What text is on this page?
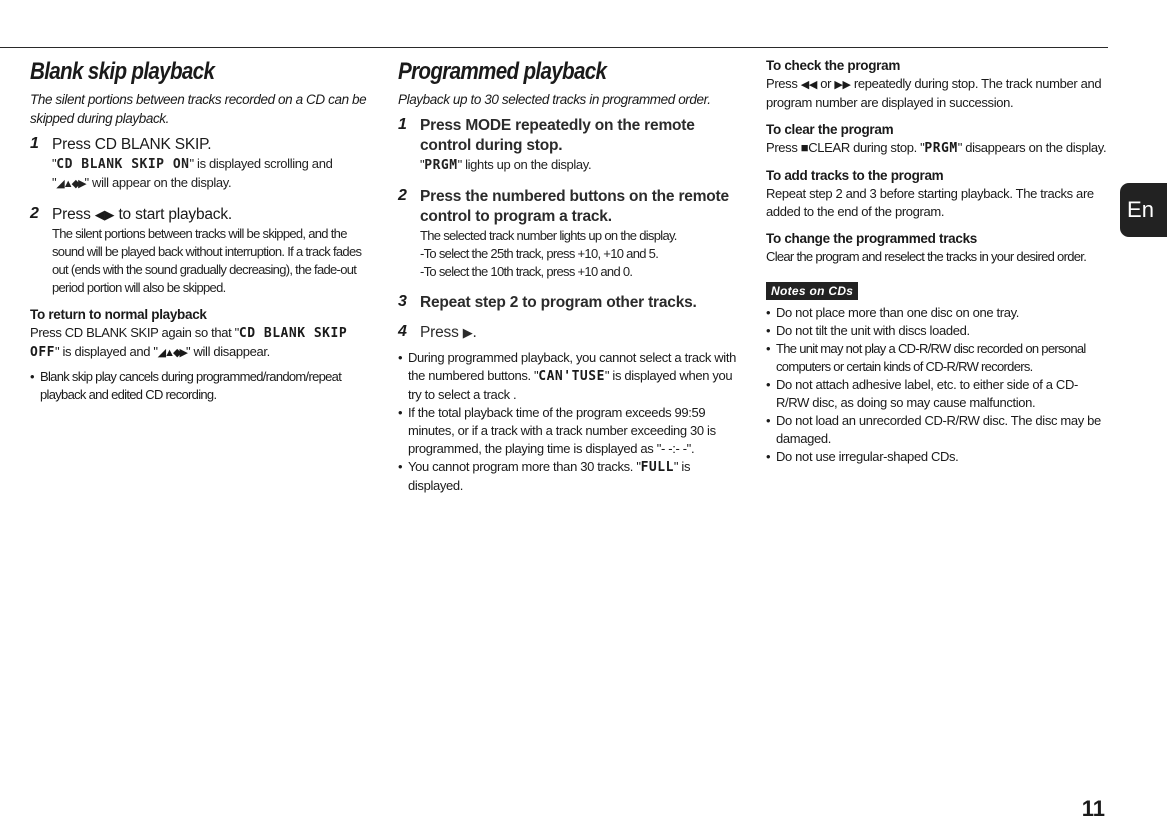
Blank skip playback
The silent portions between tracks recorded on a CD can be skipped during playback.
1 Press CD BLANK SKIP.
"CD BLANK SKIP ON" is displayed scrolling and
"◢▲◆▶" will appear on the display.
2 Press ◀▶ to start playback.
The silent portions between tracks will be skipped, and the sound will be played back without interruption. If a track fades out (ends with the sound gradually decreasing), the fade-out period portion will also be skipped.
To return to normal playback
Press CD BLANK SKIP again so that "CD BLANK SKIP OFF" is displayed and "◢▲◆▶" will disappear.
• Blank skip play cancels during programmed/random/repeat playback and edited CD recording.
Programmed playback
Playback up to 30 selected tracks in programmed order.
1 Press MODE repeatedly on the remote control during stop.
"PRGM" lights up on the display.
2 Press the numbered buttons on the remote control to program a track.
The selected track number lights up on the display.
-To select the 25th track, press +10, +10 and 5.
-To select the 10th track, press +10 and 0.
3 Repeat step 2 to program other tracks.
4 Press ▶.
• During programmed playback, you cannot select a track with the numbered buttons. "CAN'TUSE" is displayed when you try to select a track .
• If the total playback time of the program exceeds 99:59 minutes, or if a track with a track number exceeding 30 is programmed, the playing time is displayed as "- -:- -".
• You cannot program more than 30 tracks. "FULL" is displayed.
To check the program
Press ◀◀ or ▶▶ repeatedly during stop. The track number and program number are displayed in succession.
To clear the program
Press ■CLEAR during stop. "PRGM" disappears on the display.
To add tracks to the program
Repeat step 2 and 3 before starting playback. The tracks are added to the end of the program.
To change the programmed tracks
Clear the program and reselect the tracks in your desired order.
Notes on CDs
• Do not place more than one disc on one tray.
• Do not tilt the unit with discs loaded.
• The unit may not play a CD-R/RW disc recorded on personal computers or certain kinds of CD-R/RW recorders.
• Do not attach adhesive label, etc. to either side of a CD-R/RW disc, as doing so may cause malfunction.
• Do not load an unrecorded CD-R/RW disc. The disc may be damaged.
• Do not use irregular-shaped CDs.
En
11
